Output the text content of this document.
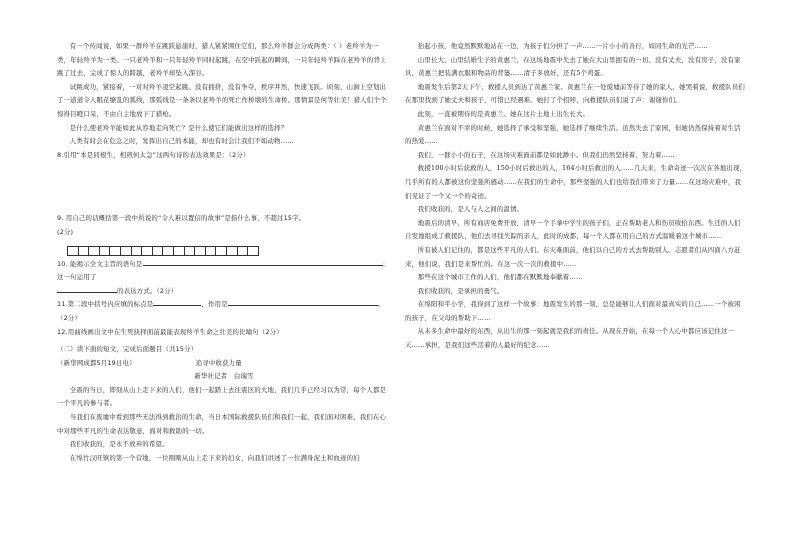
有一个传闻说，如果一群羚羊在跳跃悬崖时，猎人紧紧围住它们，那么羚羊群会分成两类：（ ）老羚羊为一类，年轻羚羊为一类。一只老羚羊和一只年轻羚羊同时起跳，在空中跃起的瞬间，一只年轻羚羊踩在老羚羊的背上跳了过去，完成了惊人的跨越，老羚羊却坠入深谷。

试跳成功，紧接着，一对对羚羊凌空起跳。没有拥挤，没有争夺，秩序井然，快速飞跃。顷刻，山涧上空划出了一道道令人眼花缭乱的弧线，那弧线是一条条以老羚羊的死亡作桥墩的生命桥。那情景是何等壮美！猎人们个个惊得目瞪口呆，不由自主地放下了猎枪。

是什么使老羚羊能如此从容地走向死亡？是什么使它们能做出这样的选择？

人类有时会在危急之时，发挥出自己的本能，却也有时会让我们不如动物……

8.引用“本是同根生，相煎何太急”这两句诗的表达效果是：（2分）

9. 用自己的话概括第一段中所说的“令人难以置信的故事”是指什么事，不超过15字。

(2分)

10. 能揭示全文主旨的语句是	；这一句运用了

的表达方式。（2分）

11.第二段中括号内应填的标点是	，作用是	。（2分）

12.用曲线画出文中在生死抉择面前最能表现羚羊生命之壮美的比喻句（2分）

（二）读下面的短文，完成后面题目（共15分）

（新华网成都5月19日电）	追寻中收获力量

新华社记者　白瑞雪

全震的当日，即刻从山上走下来的人们，他们一起踏上去往震区的大地，我们几乎已经习以为常，每个人都是一个平凡的参与者。

当我们在废墟中看到那些无法得到救治的生命，当日本国际救援队员们和我们一起，我们面对困难，我们在心中对那些平凡的生命表达敬意，面对和救助的一切。

我们收获的，是永不放弃的希望。

在绵竹汉旺镇的第一个营地，一位刚刚从山上走下来的妇女，向我们讲述了一位满身泥土和血迹的妇

抬起小孩，他竟然默默地站在一边，为孩子们分担了一声……一片小小的善行，如同生命的光芒……

山里长大、山里结婚生子的黄惠兰，在这场地震中失去了她在大山里拥有的一切。没有丈夫，没有房子，没有家具，黄惠兰把装满衣服和物品的背篓……清子多放好，还有5个鸡蛋。

地震发生后第2天下午，救援人员到达了黄惠兰家。黄惠兰在一处废墟前等待了她的家人，她哭着说，救援队员们在那里找到了她丈夫和孩子，可惜已经遇难。她打了个招呼，向救援队员们说了声：谢谢你们。

此刻，一直被期待的是黄惠兰。她在这片土地上出生长大。

黄惠兰在面对不幸的时候，她选择了承受和坚强，她选择了继续生活。虽然失去了家园，但她仍然保持着对生活的热爱……

我们，一群小小的石子，在这场灾难面前都是如此渺小。但我们仍然坚持着，努力着……

救援100小时后获救的人，150小时后救出的人，164小时后救出的人……几天来，生命奇迹一次次在各地出现，几乎所有的人都被这份坚强所感动……在我们的生命中，那些坚强的人们也给我们带来了力量……在这场灾难中，我们见证了一个又一个的奇迹。

我们收获的，是人与人之间的温情。

地震后的清早，所有商店免费开放，清早一个手拿中学生的孩子们，正在帮助老人和伤员收拾东西。生还的人们自发地组成了救援队，他们去寻找失踪的亲人，此时的成都，每一个人都在用自己的方式温暖着这个城市……

所有被人们记住的，都是这些平凡的人们。在灾难面前，他们以自己的方式去帮助别人。志愿者们从四面八方赶来，他们说，我们是来帮忙的。在这一次一次的救援中……

那些在这个城市工作的人们，他们都在默默地奉献着……

我们收获的，是承担的勇气。

在绵阳和平小学，我得到了这样一个故事：地震发生的那一刻，总是能够让人们面对最真实的自己……一个被困的孩子，在父母的帮助下……

从未多生命中最好的东西，从出生的那一刻起就是我们的责任。从现在开始，在每一个人心中都应该记住这一天……承担，是我们这些活着的人最好的纪念……
